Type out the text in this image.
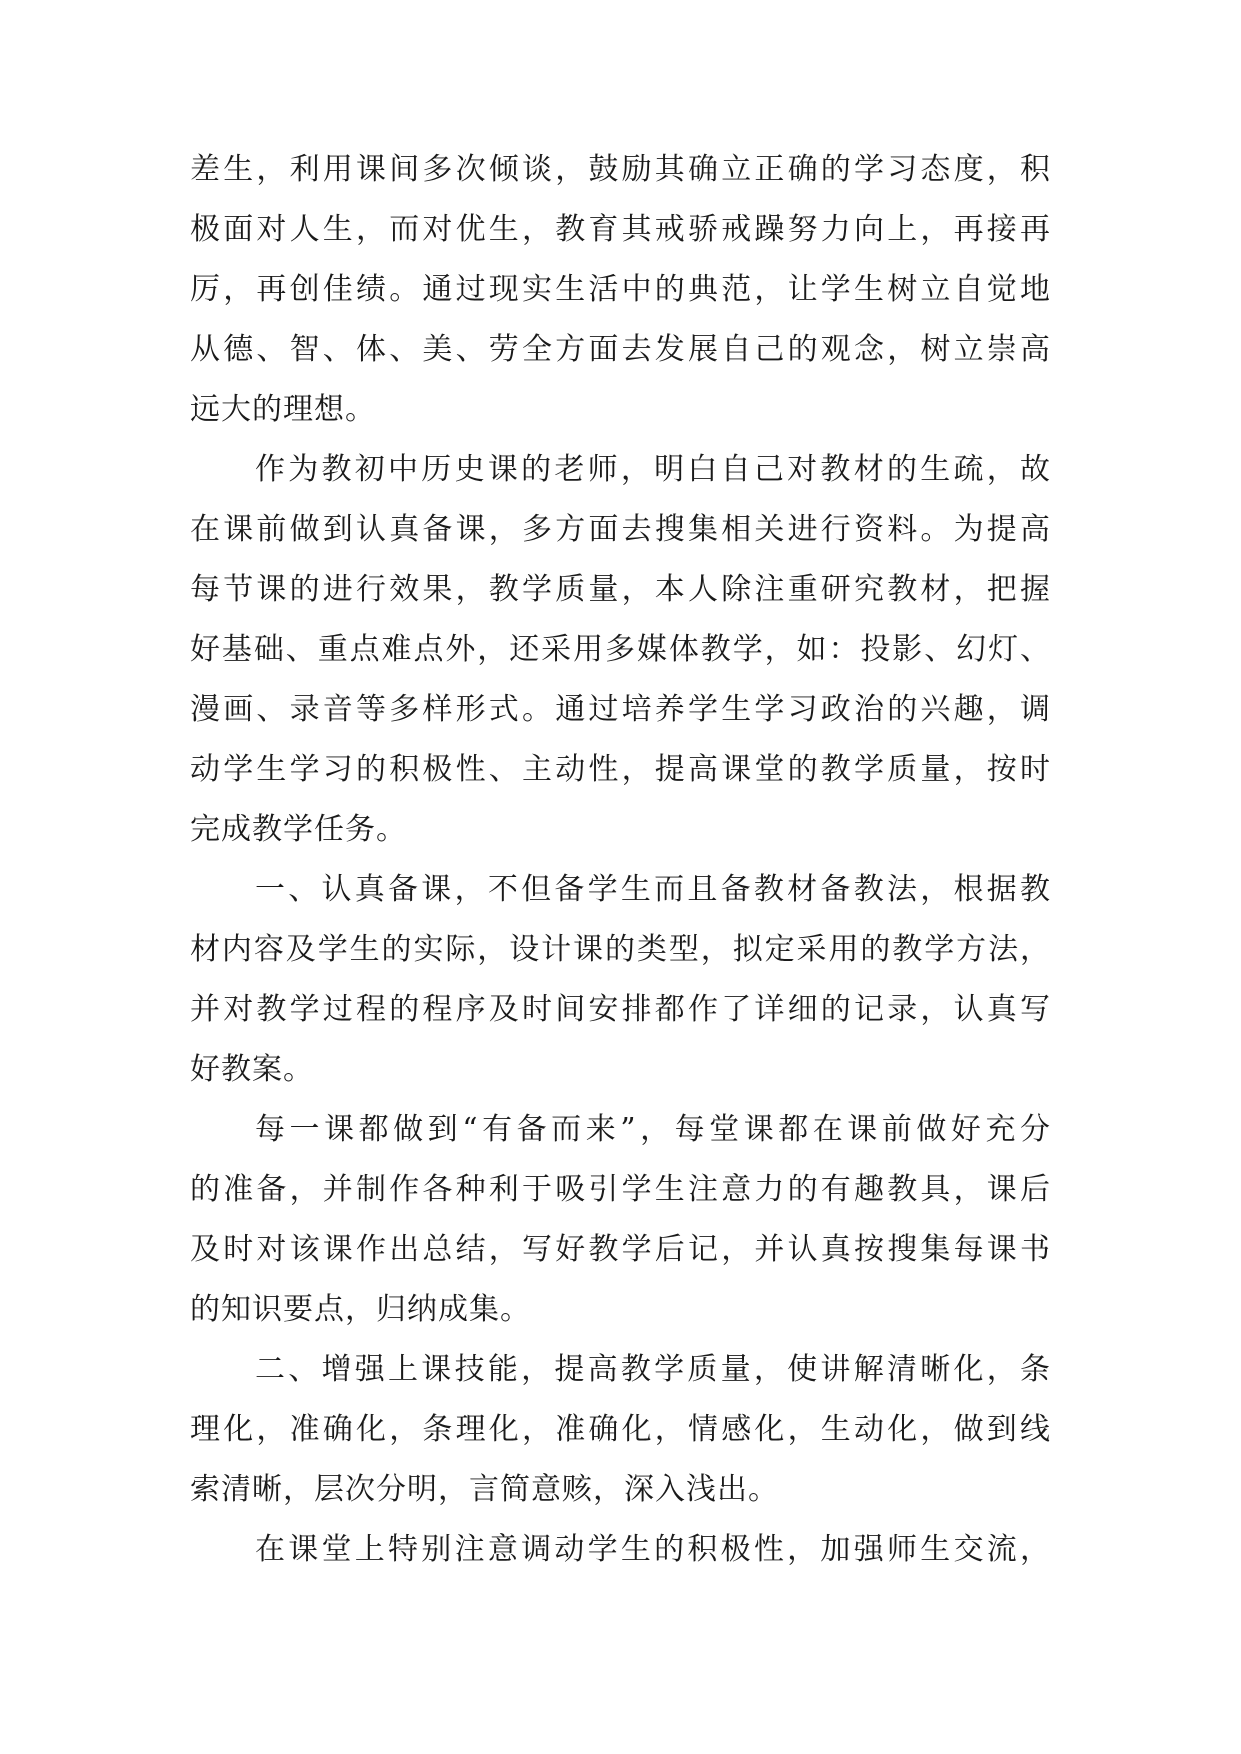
差生，利用课间多次倾谈，鼓励其确立正确的学习态度，积
极面对人生，而对优生，教育其戒骄戒躁努力向上，再接再
厉，再创佳绩。通过现实生活中的典范，让学生树立自觉地
从德、智、体、美、劳全方面去发展自己的观念，树立崇高
远大的理想。
作为教初中历史课的老师，明白自己对教材的生疏，故
在课前做到认真备课，多方面去搜集相关进行资料。为提高
每节课的进行效果，教学质量，本人除注重研究教材，把握
好基础、重点难点外，还采用多媒体教学，如：投影、幻灯、
漫画、录音等多样形式。通过培养学生学习政治的兴趣，调
动学生学习的积极性、主动性，提高课堂的教学质量，按时
完成教学任务。
一、认真备课，不但备学生而且备教材备教法，根据教
材内容及学生的实际，设计课的类型，拟定采用的教学方法，
并对教学过程的程序及时间安排都作了详细的记录，认真写
好教案。
每一课都做到“有备而来”，每堂课都在课前做好充分
的准备，并制作各种利于吸引学生注意力的有趣教具，课后
及时对该课作出总结，写好教学后记，并认真按搜集每课书
的知识要点，归纳成集。
二、增强上课技能，提高教学质量，使讲解清晰化，条
理化，准确化，条理化，准确化，情感化，生动化，做到线
索清晰，层次分明，言简意赅，深入浅出。
在课堂上特别注意调动学生的积极性，加强师生交流，
